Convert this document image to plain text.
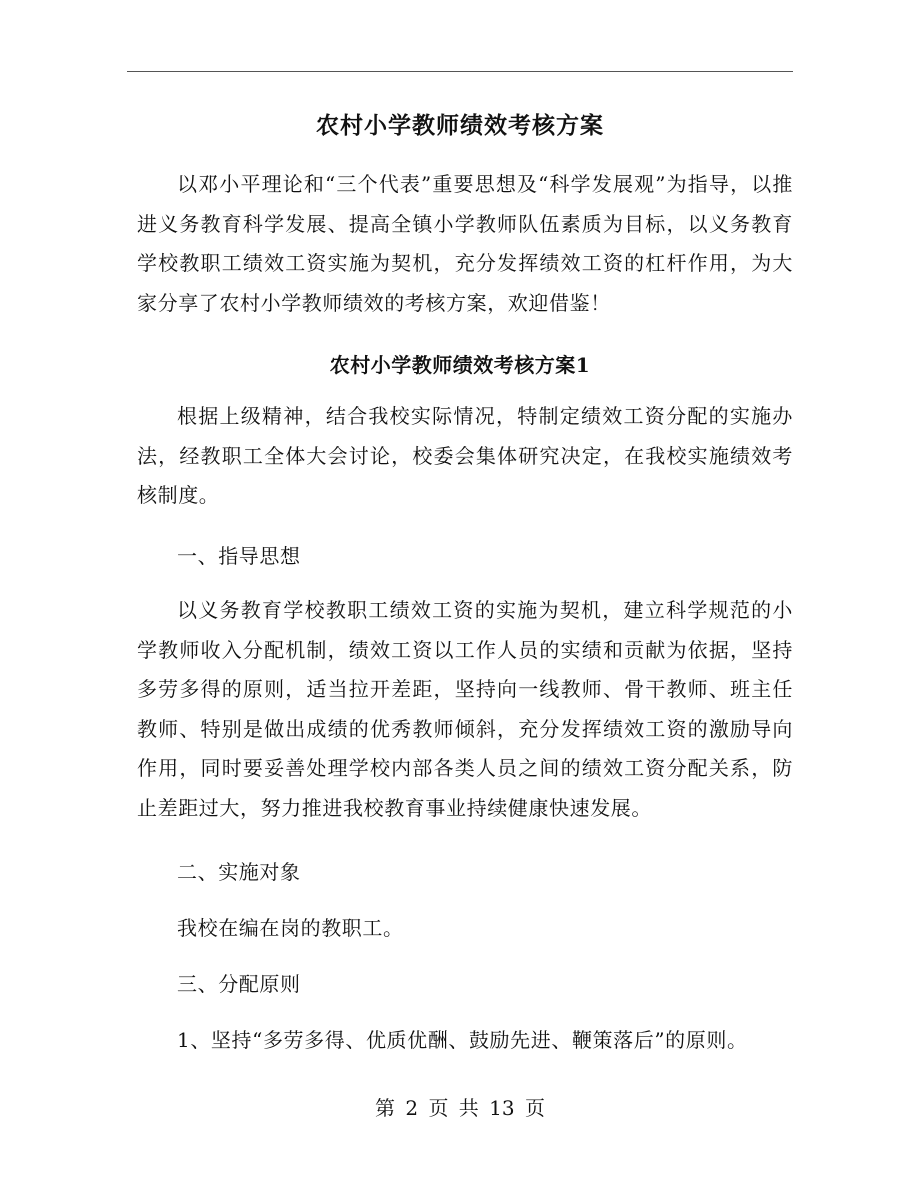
农村小学教师绩效考核方案

以邓小平理论和“三个代表”重要思想及“科学发展观”为指导，以推进义务教育科学发展、提高全镇小学教师队伍素质为目标，以义务教育学校教职工绩效工资实施为契机，充分发挥绩效工资的杠杆作用，为大家分享了农村小学教师绩效的考核方案，欢迎借鉴！

农村小学教师绩效考核方案1

根据上级精神，结合我校实际情况，特制定绩效工资分配的实施办法，经教职工全体大会讨论，校委会集体研究决定，在我校实施绩效考核制度。

一、指导思想

以义务教育学校教职工绩效工资的实施为契机，建立科学规范的小学教师收入分配机制，绩效工资以工作人员的实绩和贡献为依据，坚持多劳多得的原则，适当拉开差距，坚持向一线教师、骨干教师、班主任教师、特别是做出成绩的优秀教师倾斜，充分发挥绩效工资的激励导向作用，同时要妥善处理学校内部各类人员之间的绩效工资分配关系，防止差距过大，努力推进我校教育事业持续健康快速发展。

二、实施对象
我校在编在岗的教职工。
三、分配原则
1、坚持“多劳多得、优质优酬、鼓励先进、鞭策落后”的原则。
第 2 页 共 13 页
